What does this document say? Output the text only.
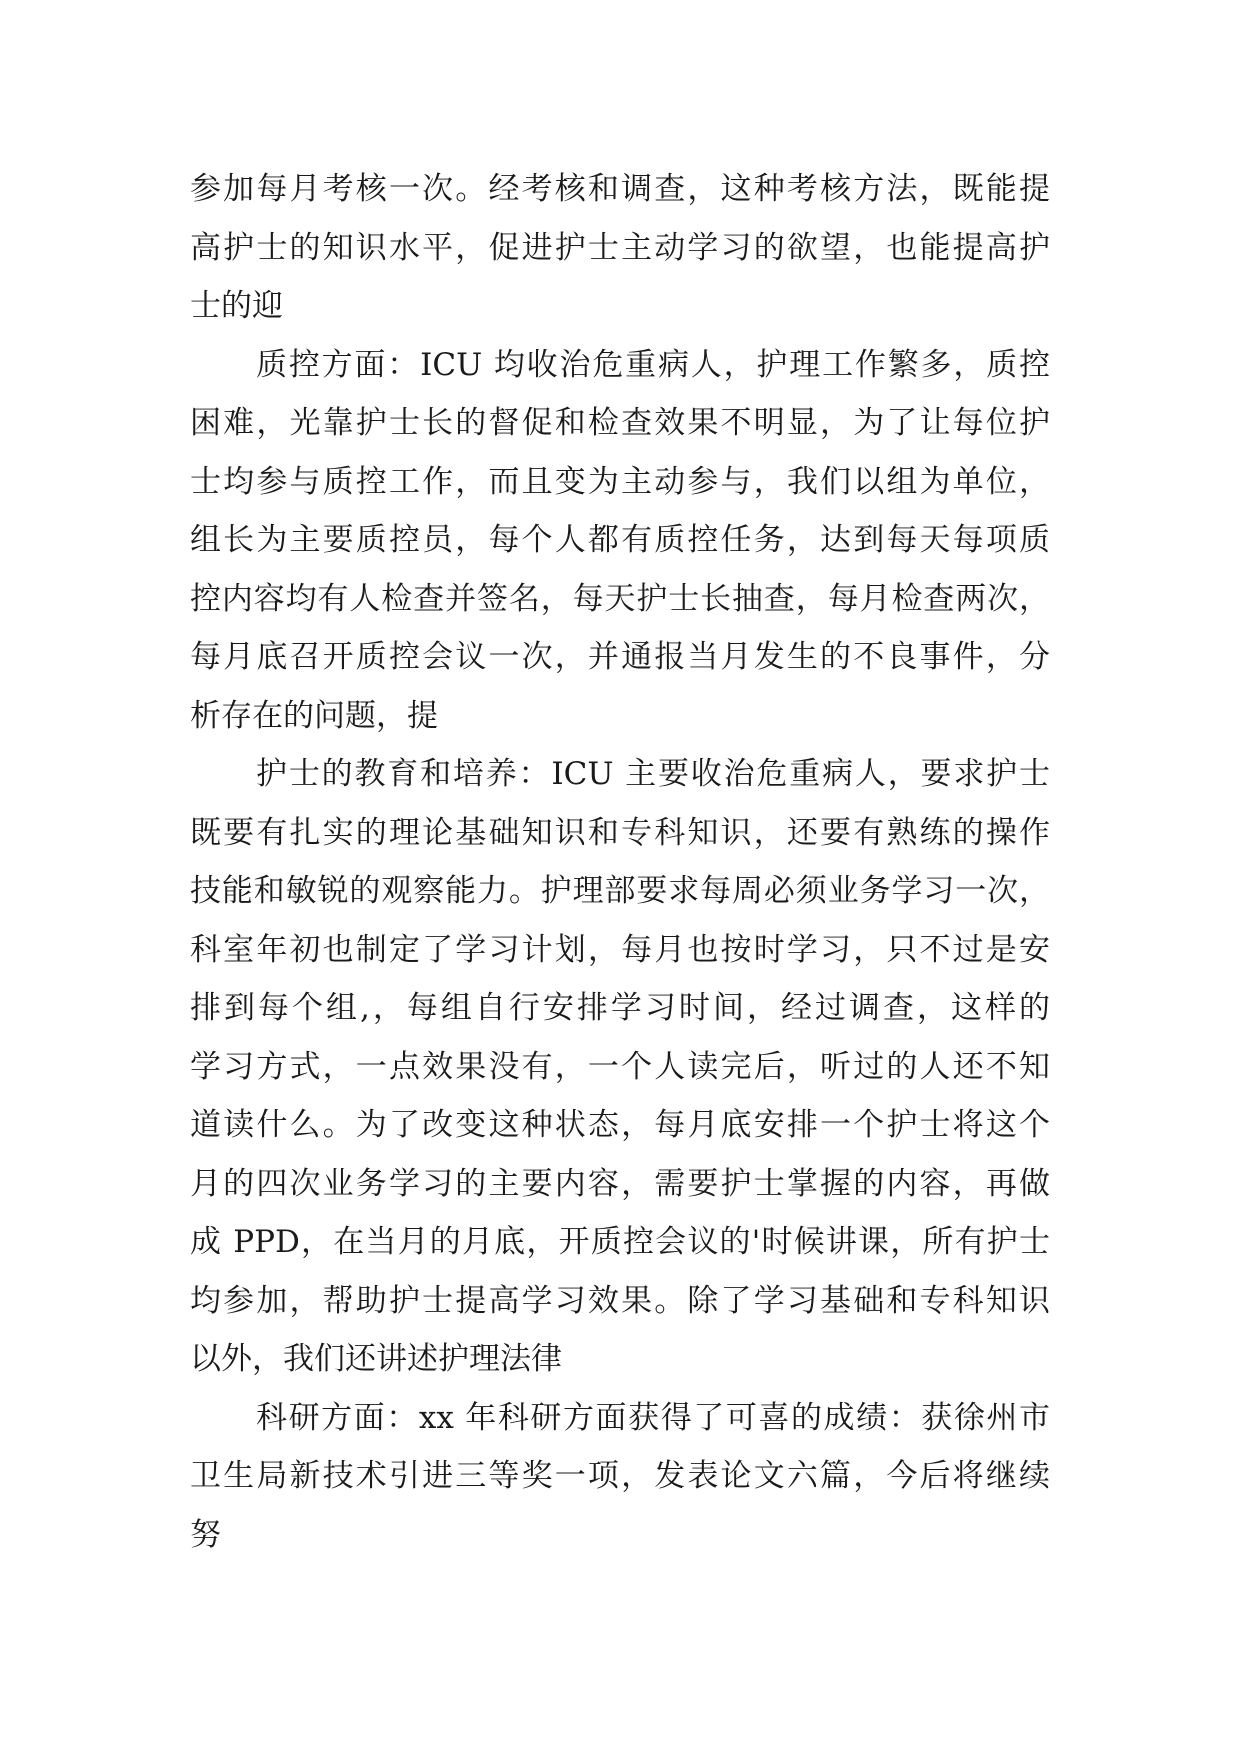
参加每月考核一次。经考核和调查，这种考核方法，既能提
高护士的知识水平，促进护士主动学习的欲望，也能提高护
士的迎
质控方面：ICU 均收治危重病人，护理工作繁多，质控
困难，光靠护士长的督促和检查效果不明显，为了让每位护
士均参与质控工作，而且变为主动参与，我们以组为单位，
组长为主要质控员，每个人都有质控任务，达到每天每项质
控内容均有人检查并签名，每天护士长抽查，每月检查两次，
每月底召开质控会议一次，并通报当月发生的不良事件，分
析存在的问题，提
护士的教育和培养：ICU 主要收治危重病人，要求护士
既要有扎实的理论基础知识和专科知识，还要有熟练的操作
技能和敏锐的观察能力。护理部要求每周必须业务学习一次，
科室年初也制定了学习计划，每月也按时学习，只不过是安
排到每个组,，每组自行安排学习时间，经过调查，这样的
学习方式，一点效果没有，一个人读完后，听过的人还不知
道读什么。为了改变这种状态，每月底安排一个护士将这个
月的四次业务学习的主要内容，需要护士掌握的内容，再做
成 PPD，在当月的月底，开质控会议的'时候讲课，所有护士
均参加，帮助护士提高学习效果。除了学习基础和专科知识
以外，我们还讲述护理法律
科研方面：xx 年科研方面获得了可喜的成绩：获徐州市
卫生局新技术引进三等奖一项，发表论文六篇，今后将继续
努
